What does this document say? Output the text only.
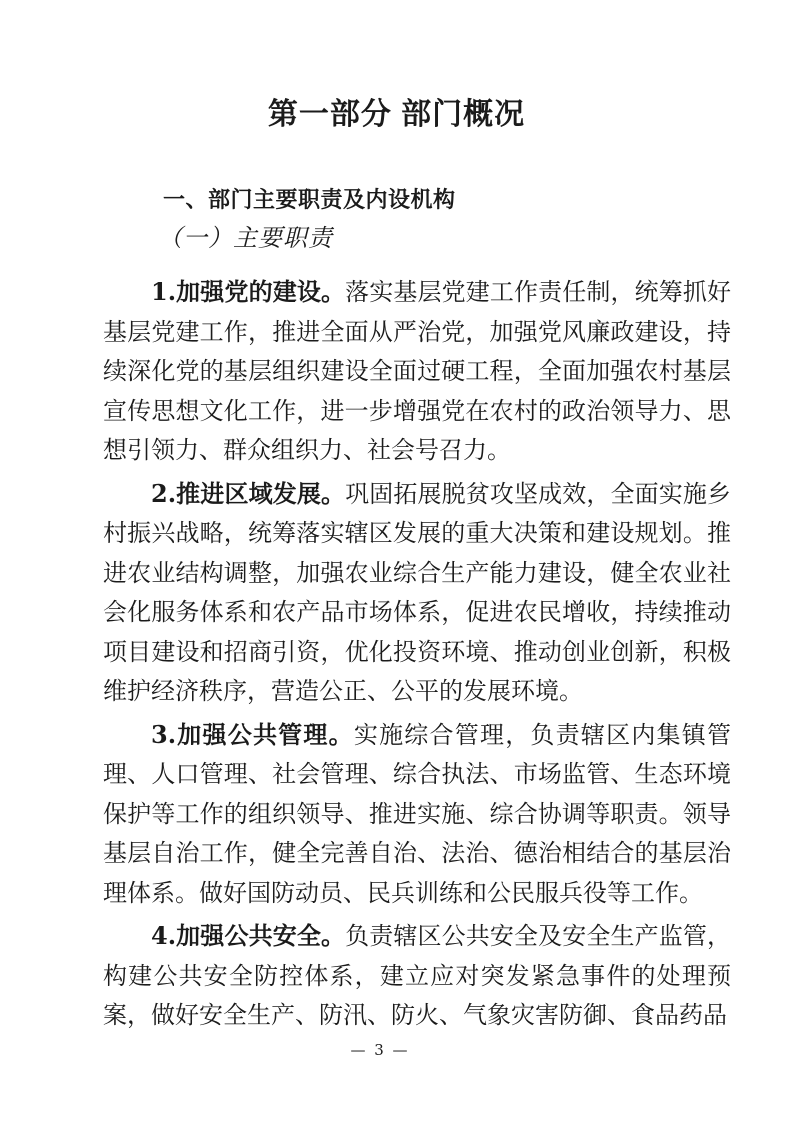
第一部分 部门概况
一、部门主要职责及内设机构
（一）主要职责

1.加强党的建设。落实基层党建工作责任制，统筹抓好基层党建工作，推进全面从严治党，加强党风廉政建设，持续深化党的基层组织建设全面过硬工程，全面加强农村基层宣传思想文化工作，进一步增强党在农村的政治领导力、思想引领力、群众组织力、社会号召力。

2.推进区域发展。巩固拓展脱贫攻坚成效，全面实施乡村振兴战略，统筹落实辖区发展的重大决策和建设规划。推进农业结构调整，加强农业综合生产能力建设，健全农业社会化服务体系和农产品市场体系，促进农民增收，持续推动项目建设和招商引资，优化投资环境、推动创业创新，积极维护经济秩序，营造公正、公平的发展环境。

3.加强公共管理。实施综合管理，负责辖区内集镇管理、人口管理、社会管理、综合执法、市场监管、生态环境保护等工作的组织领导、推进实施、综合协调等职责。领导基层自治工作，健全完善自治、法治、德治相结合的基层治理体系。做好国防动员、民兵训练和公民服兵役等工作。

4.加强公共安全。负责辖区公共安全及安全生产监管，构建公共安全防控体系，建立应对突发紧急事件的处理预案，做好安全生产、防汛、防火、气象灾害防御、食品药品

— 3 —
